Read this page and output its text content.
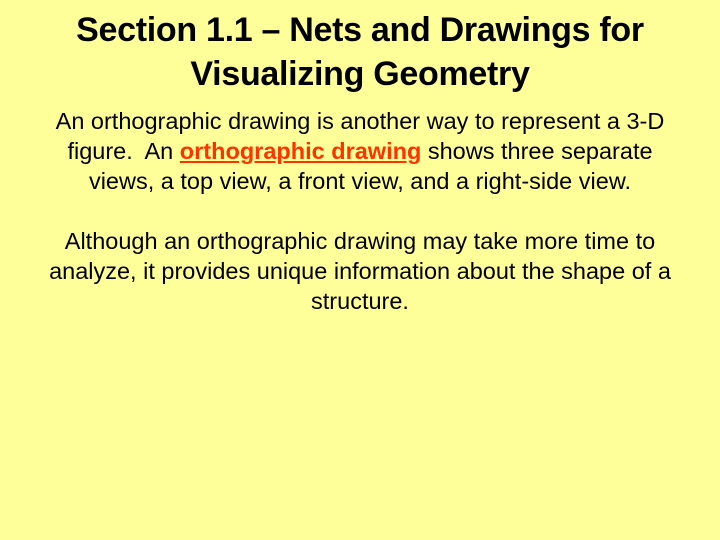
Section 1.1 – Nets and Drawings for
Visualizing Geometry

An orthographic drawing is another way to represent a 3-D figure.  An orthographic drawing shows three separate views, a top view, a front view, and a right-side view.

Although an orthographic drawing may take more time to analyze, it provides unique information about the shape of a structure.
